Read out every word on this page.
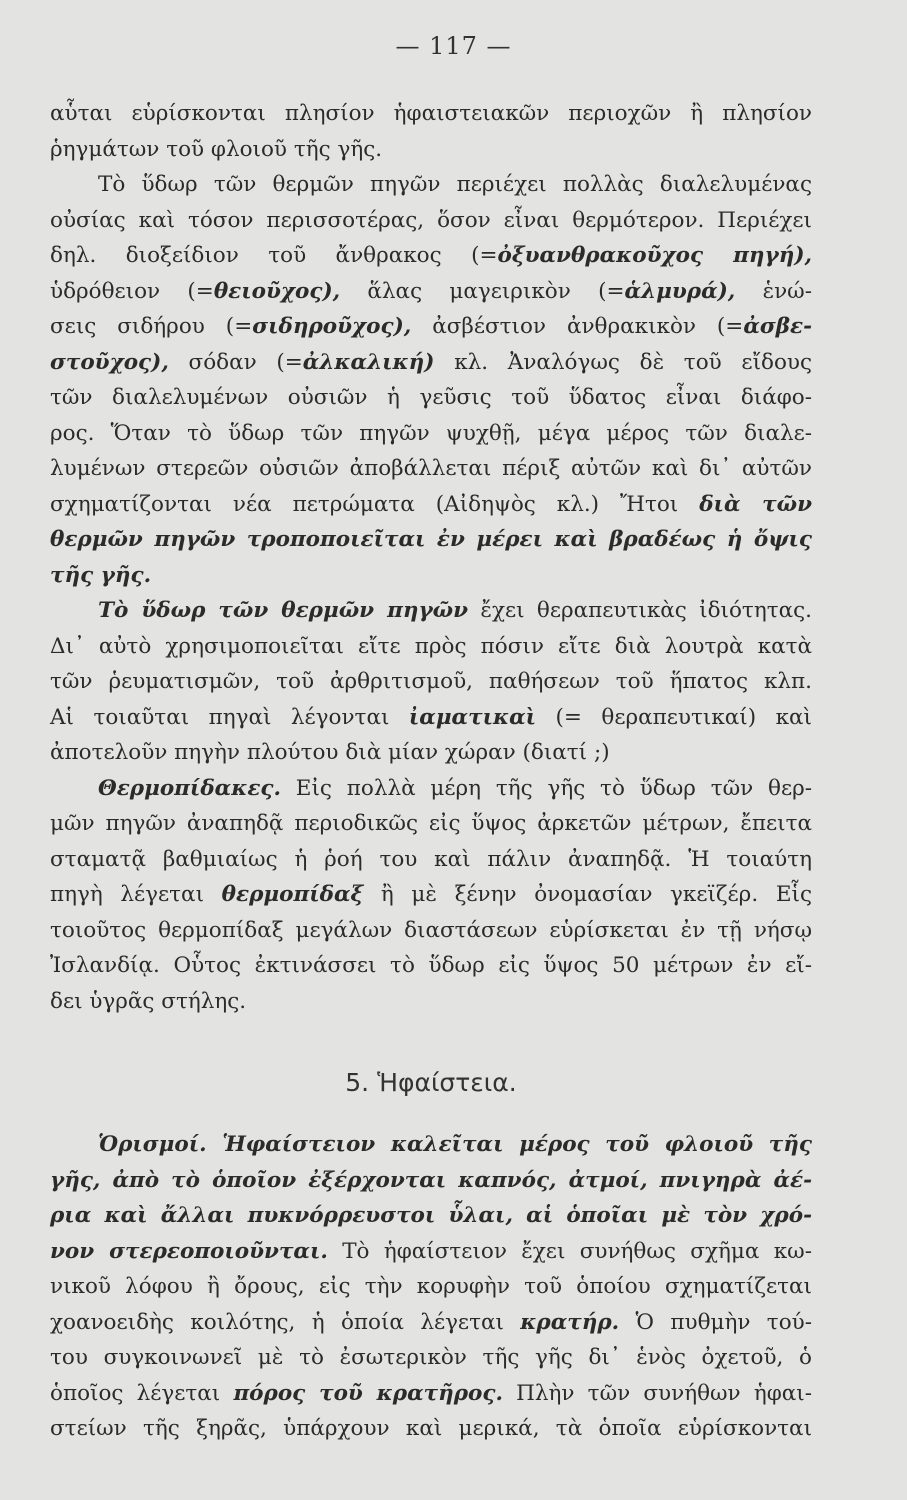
— 117 —
αὗται εὑρίσκονται πλησίον ἡφαιστειακῶν περιοχῶν ἢ πλησίον
ῥηγμάτων τοῦ φλοιοῦ τῆς γῆς.
Τὸ ὕδωρ τῶν θερμῶν πηγῶν περιέχει πολλὰς διαλελυμένας
οὐσίας καὶ τόσον περισσοτέρας, ὅσον εἶναι θερμότερον. Περιέχει
δηλ. διοξείδιον τοῦ ἄνθρακος (=ὀξυανθρακοῦχος πηγή),
ὑδρόθειον (=θειοῦχος), ἅλας μαγειρικὸν (=ἁλμυρά), ἑνώ-
σεις σιδήρου (=σιδηροῦχος), ἀσβέστιον ἀνθρακικὸν (=ἀσβε-
στοῦχος), σόδαν (=ἀλκαλική) κλ. Ἀναλόγως δὲ τοῦ εἴδους
τῶν διαλελυμένων οὐσιῶν ἡ γεῦσις τοῦ ὕδατος εἶναι διάφο-
ρος. Ὅταν τὸ ὕδωρ τῶν πηγῶν ψυχθῇ, μέγα μέρος τῶν διαλε-
λυμένων στερεῶν οὐσιῶν ἀποβάλλεται πέριξ αὐτῶν καὶ δι᾽ αὐτῶν
σχηματίζονται νέα πετρώματα (Αἰδηψὸς κλ.) Ἤτοι διὰ τῶν
θερμῶν πηγῶν τροποποιεῖται ἐν μέρει καὶ βραδέως ἡ ὄψις
τῆς γῆς.
Τὸ ὕδωρ τῶν θερμῶν πηγῶν ἔχει θεραπευτικὰς ἰδιότητας.
Δι᾽ αὐτὸ χρησιμοποιεῖται εἴτε πρὸς πόσιν εἴτε διὰ λουτρὰ κατὰ
τῶν ῥευματισμῶν, τοῦ ἀρθριτισμοῦ, παθήσεων τοῦ ἥπατος κλπ.
Αἱ τοιαῦται πηγαὶ λέγονται ἰαματικαὶ (= θεραπευτικαί) καὶ
ἀποτελοῦν πηγὴν πλούτου διὰ μίαν χώραν (διατί ;)
Θερμοπίδακες. Εἰς πολλὰ μέρη τῆς γῆς τὸ ὕδωρ τῶν θερ-
μῶν πηγῶν ἀναπηδᾷ περιοδικῶς εἰς ὕψος ἀρκετῶν μέτρων, ἔπειτα
σταματᾷ βαθμιαίως ἡ ῥοή του καὶ πάλιν ἀναπηδᾷ. Ἡ τοιαύτη
πηγὴ λέγεται θερμοπίδαξ ἢ μὲ ξένην ὀνομασίαν γκεϊζέρ. Εἷς
τοιοῦτος θερμοπίδαξ μεγάλων διαστάσεων εὑρίσκεται ἐν τῇ νήσῳ
Ἰσλανδίᾳ. Οὗτος ἐκτινάσσει τὸ ὕδωρ εἰς ὕψος 50 μέτρων ἐν εἴ-
δει ὑγρᾶς στήλης.
5. Ἡφαίστεια.
Ὁρισμοί. Ἡφαίστειον καλεῖται μέρος τοῦ φλοιοῦ τῆς
γῆς, ἀπὸ τὸ ὁποῖον ἐξέρχονται καπνός, ἀτμοί, πνιγηρὰ ἀέ-
ρια καὶ ἄλλαι πυκνόρρευστοι ὗλαι, αἱ ὁποῖαι μὲ τὸν χρό-
νον στερεοποιοῦνται. Τὸ ἡφαίστειον ἔχει συνήθως σχῆμα κω-
νικοῦ λόφου ἢ ὄρους, εἰς τὴν κορυφὴν τοῦ ὁποίου σχηματίζεται
χοανοειδὴς κοιλότης, ἡ ὁποία λέγεται κρατήρ. Ὁ πυθμὴν τού-
του συγκοινωνεῖ μὲ τὸ ἐσωτερικὸν τῆς γῆς δι᾽ ἑνὸς ὀχετοῦ, ὁ
ὁποῖος λέγεται πόρος τοῦ κρατῆρος. Πλὴν τῶν συνήθων ἡφαι-
στείων τῆς ξηρᾶς, ὑπάρχουν καὶ μερικά, τὰ ὁποῖα εὑρίσκονται
